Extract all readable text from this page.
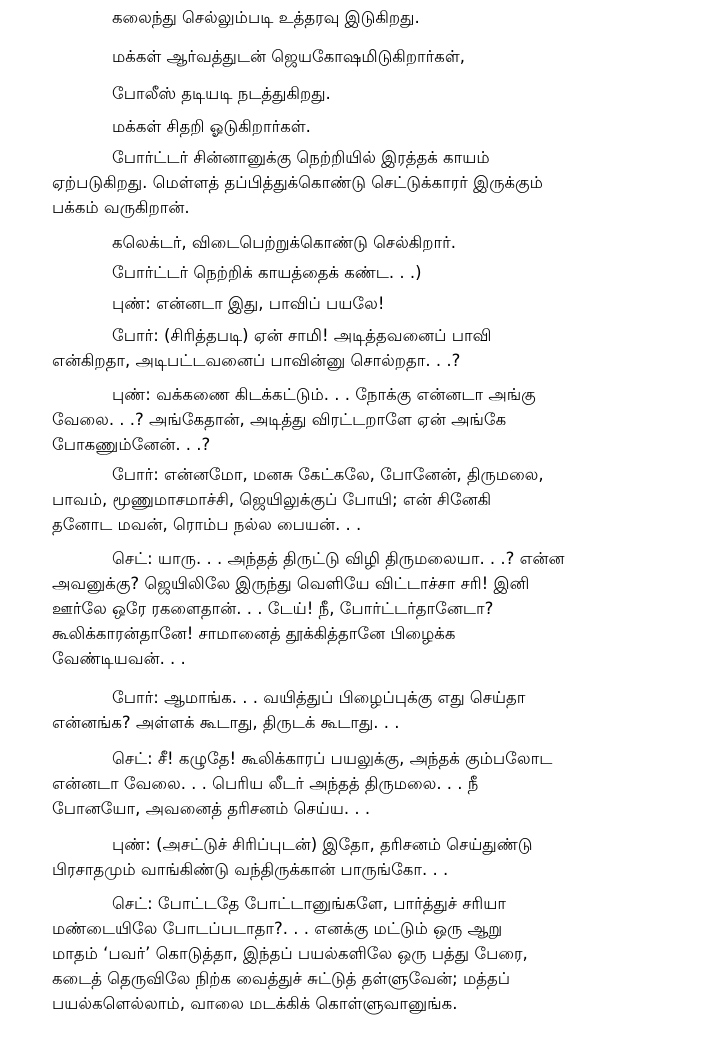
கலைந்து செல்லும்படி உத்தரவு இடுகிறது.
மக்கள் ஆர்வத்துடன் ஜெயகோஷமிடுகிறார்கள்,
போலீஸ் தடியடி நடத்துகிறது.
மக்கள் சிதறி ஓடுகிறார்கள்.
போர்ட்டர் சின்னானுக்கு நெற்றியில் இரத்தக் காயம்
ஏற்படுகிறது. மெள்ளத் தப்பித்துக்கொண்டு செட்டுக்காரர் இருக்கும்
பக்கம் வருகிறான்.
கலெக்டர், விடைபெற்றுக்கொண்டு செல்கிறார்.
போர்ட்டர் நெற்றிக் காயத்தைக் கண்ட. . .)
புண்: என்னடா இது, பாவிப் பயலே!
போர்: (சிரித்தபடி) ஏன் சாமி! அடித்தவனைப் பாவி
என்கிறதா, அடிபட்டவனைப் பாவின்னு சொல்றதா. . .?
புண்: வக்கணை கிடக்கட்டும். . . நோக்கு என்னடா அங்கு
வேலை. . .? அங்கேதான், அடித்து விரட்டறாளே ஏன் அங்கே
போகணும்னேன். . .?
போர்: என்னமோ, மனசு கேட்கலே, போனேன், திருமலை,
பாவம், மூணுமாசமாச்சி, ஜெயிலுக்குப் போயி; என் சினேகி
தனோட மவன், ரொம்ப நல்ல பையன். . .
செட்: யாரு. . . அந்தத் திருட்டு விழி திருமலையா. . .? என்ன
அவனுக்கு? ஜெயிலிலே இருந்து வெளியே விட்டாச்சா சரி! இனி
ஊர்லே ஒரே ரகளைதான். . . டேய்! நீ, போர்ட்டர்தானேடா?
கூலிக்காரன்தானே! சாமானைத் தூக்கித்தானே பிழைக்க
வேண்டியவன். . .
போர்: ஆமாங்க. . . வயித்துப் பிழைப்புக்கு எது செய்தா
என்னங்க? அள்ளக் கூடாது, திருடக் கூடாது. . .
செட்: சீ! கழுதே! கூலிக்காரப் பயலுக்கு, அந்தக் கும்பலோட
என்னடா வேலை. . . பெரிய லீடர் அந்தத் திருமலை. . . நீ
போனயோ, அவனைத் தரிசனம் செய்ய. . .
புண்: (அசட்டுச் சிரிப்புடன்) இதோ, தரிசனம் செய்துண்டு
பிரசாதமும் வாங்கிண்டு வந்திருக்கான் பாருங்கோ. . .
செட்: போட்டதே போட்டானுங்களே, பார்த்துச் சரியா
மண்டையிலே போடப்படாதா?. . . எனக்கு மட்டும் ஒரு ஆறு
மாதம் ‘பவர்’ கொடுத்தா, இந்தப் பயல்களிலே ஒரு பத்து பேரை,
கடைத் தெருவிலே நிற்க வைத்துச் சுட்டுத் தள்ளுவேன்; மத்தப்
பயல்களெல்லாம், வாலை மடக்கிக் கொள்ளுவானுங்க.
